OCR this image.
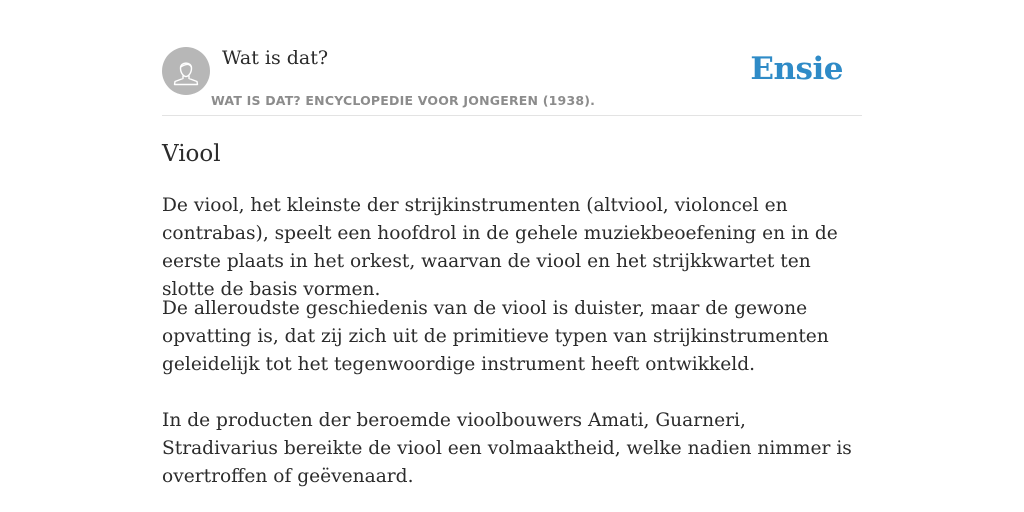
Wat is dat?
WAT IS DAT? ENCYCLOPEDIE VOOR JONGEREN (1938).
Ensie
Viool

De viool, het kleinste der strijkinstrumenten (altviool, violoncel en contrabas), speelt een hoofdrol in de gehele muziekbeoefening en in de eerste plaats in het orkest, waarvan de viool en het strijkkwartet ten slotte de basis vormen.

De alleroudste geschiedenis van de viool is duister, maar de gewone opvatting is, dat zij zich uit de primitieve typen van strijkinstrumenten geleidelijk tot het tegenwoordige instrument heeft ontwikkeld.

In de producten der beroemde vioolbouwers Amati, Guarneri, Stradivarius bereikte de viool een volmaaktheid, welke nadien nimmer is overtroffen of geëvenaard.
